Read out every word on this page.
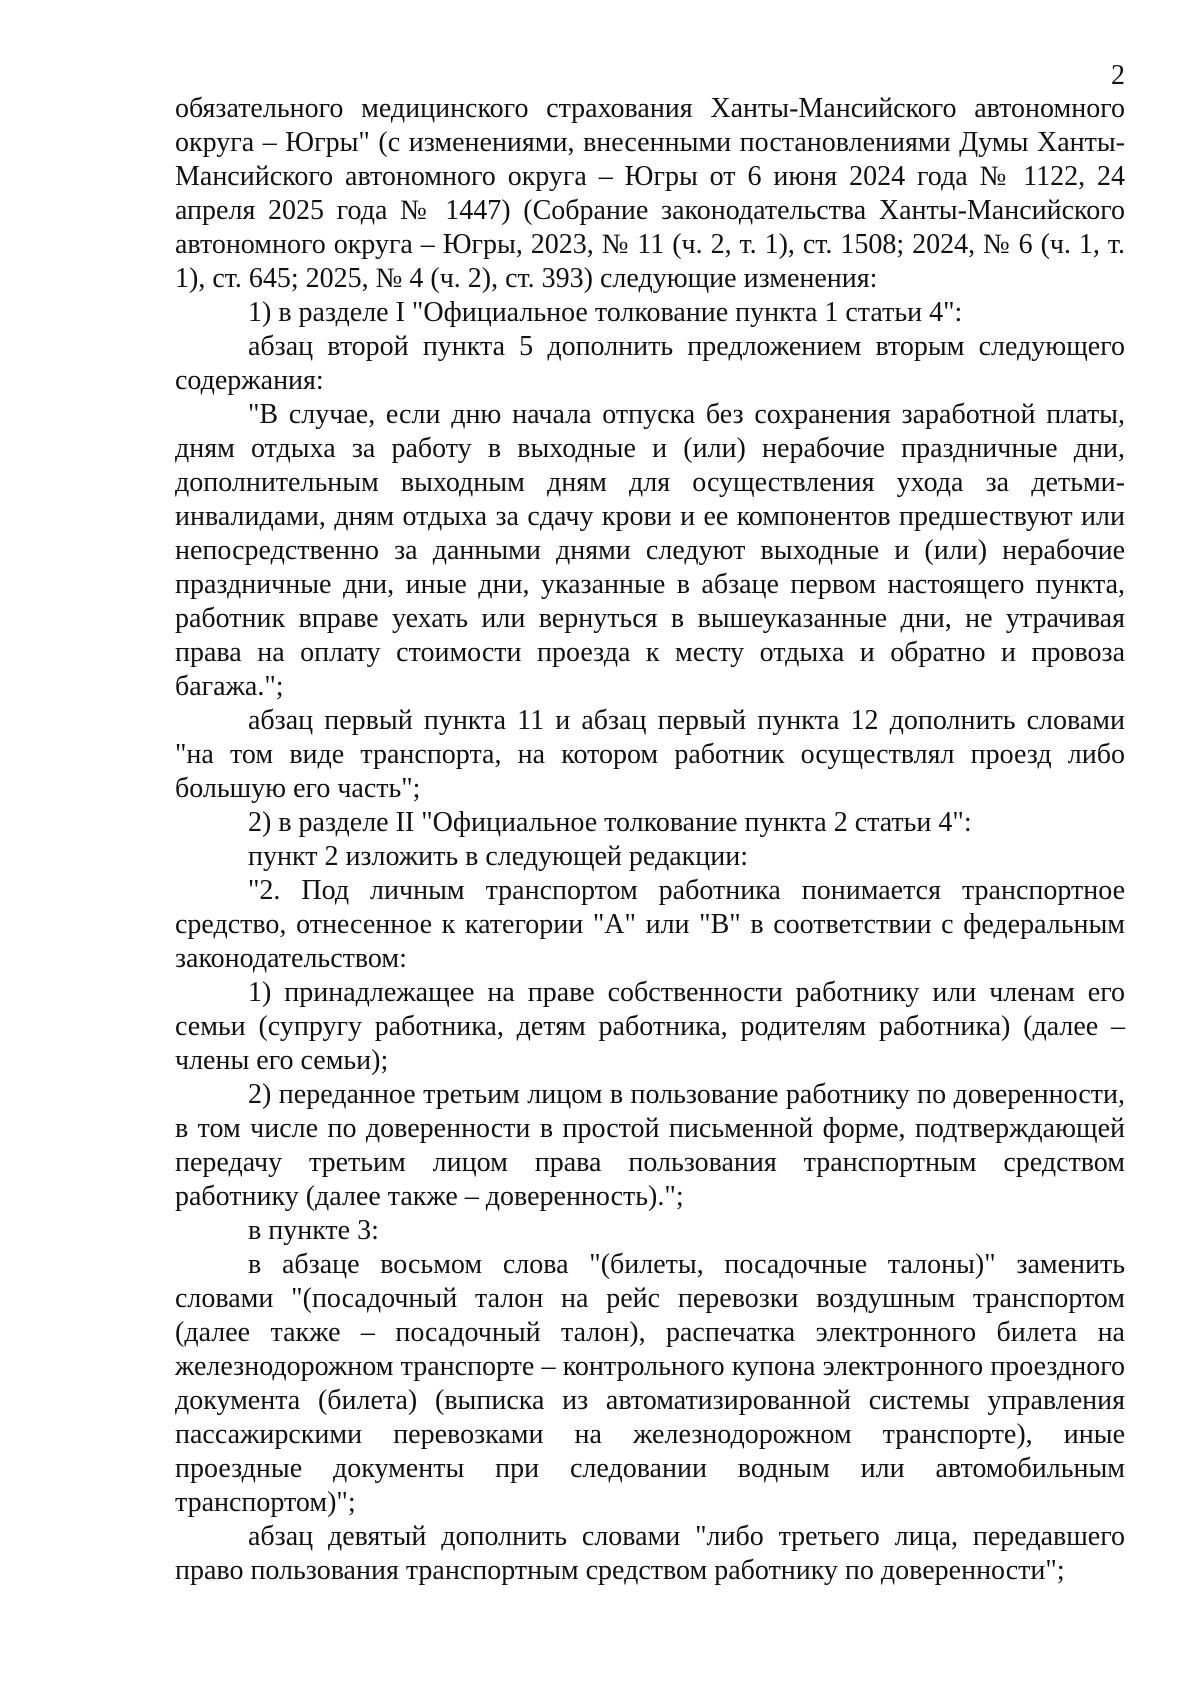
2

обязательного медицинского страхования Ханты-Мансийского автономного округа – Югры" (с изменениями, внесенными постановлениями Думы Ханты-Мансийского автономного округа – Югры от 6 июня 2024 года № 1122, 24 апреля 2025 года № 1447) (Собрание законодательства Ханты-Мансийского автономного округа – Югры, 2023, № 11 (ч. 2, т. 1), ст. 1508; 2024, № 6 (ч. 1, т. 1), ст. 645; 2025, № 4 (ч. 2), ст. 393) следующие изменения:

1) в разделе I "Официальное толкование пункта 1 статьи 4":

абзац второй пункта 5 дополнить предложением вторым следующего содержания:

"В случае, если дню начала отпуска без сохранения заработной платы, дням отдыха за работу в выходные и (или) нерабочие праздничные дни, дополнительным выходным дням для осуществления ухода за детьми-инвалидами, дням отдыха за сдачу крови и ее компонентов предшествуют или непосредственно за данными днями следуют выходные и (или) нерабочие праздничные дни, иные дни, указанные в абзаце первом настоящего пункта, работник вправе уехать или вернуться в вышеуказанные дни, не утрачивая права на оплату стоимости проезда к месту отдыха и обратно и провоза багажа.";

абзац первый пункта 11 и абзац первый пункта 12 дополнить словами "на том виде транспорта, на котором работник осуществлял проезд либо большую его часть";

2) в разделе II "Официальное толкование пункта 2 статьи 4":

пункт 2 изложить в следующей редакции:

"2. Под личным транспортом работника понимается транспортное средство, отнесенное к категории "A" или "B" в соответствии с федеральным законодательством:

1) принадлежащее на праве собственности работнику или членам его семьи (супругу работника, детям работника, родителям работника) (далее – члены его семьи);

2) переданное третьим лицом в пользование работнику по доверенности, в том числе по доверенности в простой письменной форме, подтверждающей передачу третьим лицом права пользования транспортным средством работнику (далее также – доверенность).";

в пункте 3:

в абзаце восьмом слова "(билеты, посадочные талоны)" заменить словами "(посадочный талон на рейс перевозки воздушным транспортом (далее также – посадочный талон), распечатка электронного билета на железнодорожном транспорте – контрольного купона электронного проездного документа (билета) (выписка из автоматизированной системы управления пассажирскими перевозками на железнодорожном транспорте), иные проездные документы при следовании водным или автомобильным транспортом)";

абзац девятый дополнить словами "либо третьего лица, передавшего право пользования транспортным средством работнику по доверенности";
